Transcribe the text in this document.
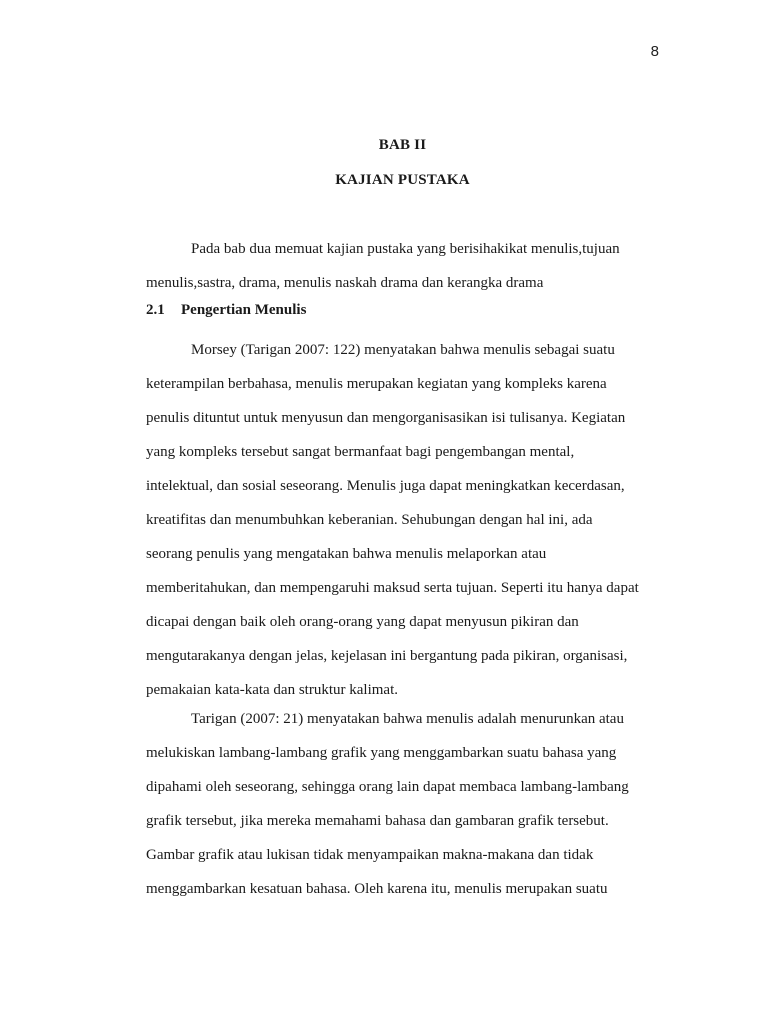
8
BAB II
KAJIAN PUSTAKA
Pada bab dua memuat kajian pustaka yang berisihakikat menulis,tujuan
menulis,sastra, drama, menulis naskah drama dan kerangka drama
2.1 Pengertian Menulis
Morsey (Tarigan 2007: 122) menyatakan bahwa menulis sebagai suatu
keterampilan berbahasa, menulis merupakan kegiatan yang kompleks karena
penulis dituntut untuk menyusun dan mengorganisasikan isi tulisanya. Kegiatan
yang kompleks tersebut sangat bermanfaat bagi pengembangan mental,
intelektual, dan sosial seseorang. Menulis juga dapat meningkatkan kecerdasan,
kreatifitas dan menumbuhkan keberanian. Sehubungan dengan hal ini, ada
seorang penulis yang mengatakan bahwa menulis melaporkan atau
memberitahukan, dan mempengaruhi maksud serta tujuan. Seperti itu hanya dapat
dicapai dengan baik oleh orang-orang yang dapat menyusun pikiran dan
mengutarakanya dengan jelas, kejelasan ini bergantung pada pikiran, organisasi,
pemakaian kata-kata dan struktur kalimat.
Tarigan (2007: 21) menyatakan bahwa menulis adalah menurunkan atau
melukiskan lambang-lambang grafik yang menggambarkan suatu bahasa yang
dipahami oleh seseorang, sehingga orang lain dapat membaca lambang-lambang
grafik tersebut, jika mereka memahami bahasa dan gambaran grafik tersebut.
Gambar grafik atau lukisan tidak menyampaikan makna-makana dan tidak
menggambarkan kesatuan bahasa. Oleh karena itu, menulis merupakan suatu
